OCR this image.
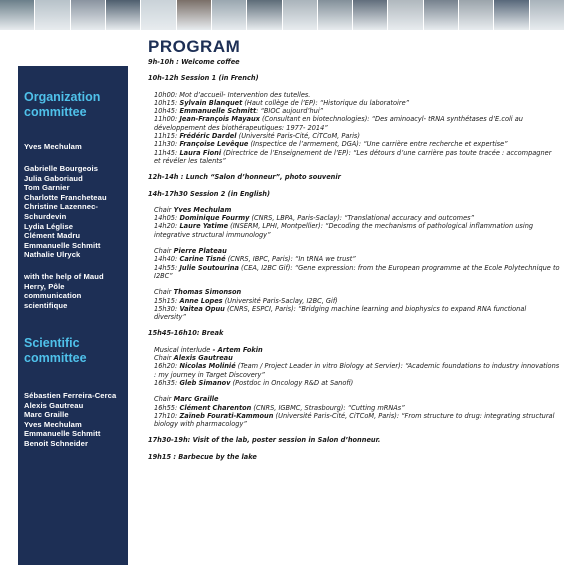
PROGRAM
Organization committee
Yves Mechulam
Gabrielle Bourgeois
Julia Gaboriaud
Tom Garnier
Charlotte Francheteau
Christine Lazennec-Schurdevin
Lydia Léglise
Clément Madru
Emmanuelle Schmitt
Nathalie Ulryck
with the help of Maud Herry, Pôle communication scientifique
Scientific committee
Sébastien Ferreira-Cerca
Alexis Gautreau
Marc Graille
Yves Mechulam
Emmanuelle Schmitt
Benoit Schneider
9h-10h : Welcome coffee
10h-12h Session 1 (in French)
10h00: Mot d’accueil- Intervention des tutelles.
10h15: Sylvain Blanquet (Haut collège de l’EP): “Historique du laboratoire”
10h45: Emmanuelle Schmitt: “BIOC aujourd’hui”
11h00: Jean-François Mayaux (Consultant en biotechnologies): “Des aminoacyl- tRNA synthétases d’E.coli au développement des biothérapeutiques: 1977- 2014”
11h15: Frédéric Dardel (Université Paris-Cité, CiTCoM, Paris)
11h30: Françoise Levêque (Inspectice de l’armement, DGA): “Une carrière entre recherche et expertise”
11h45: Laura Fioni (Directrice de l’Enseignement de l’EP): “Les détours d’une carrière pas toute tracée : accompagner et révéler les talents”
12h-14h : Lunch “Salon d’honneur”, photo souvenir
14h-17h30 Session 2 (in English)
Chair Yves Mechulam
14h05: Dominique Fourmy (CNRS, LBPA, Paris-Saclay): “Translational accuracy and outcomes”
14h20: Laure Yatime (INSERM, LPHI, Montpellier): “Decoding the mechanisms of pathological inflammation using integrative structural immunology”
Chair Pierre Plateau
14h40: Carine Tisné (CNRS, IBPC, Paris): “In tRNA we trust”
14h55: Julie Soutourina (CEA, I2BC Gif): “Gene expression: from the European programme at the Ecole Polytechnique to I2BC”
Chair Thomas Simonson
15h15: Anne Lopes (Université Paris-Saclay, I2BC, Gif)
15h30: Vaitea Opuu (CNRS, ESPCI, Paris): “Bridging machine learning and biophysics to expand RNA functional diversity”
15h45-16h10: Break
Musical interlude - Artem Fokin
Chair Alexis Gautreau
16h20: Nicolas Molinié (Team / Project Leader in vitro Biology at Servier): “Academic foundations to industry innovations : my journey in Target Discovery”
16h35: Gleb Simanov (Postdoc in Oncology R&D at Sanofi)
Chair Marc Graille
16h55: Clément Charenton (CNRS, IGBMC, Strasbourg): “Cutting mRNAs”
17h10: Zaïneb Fourati-Kammoun (Université Paris-Cité, CiTCoM, Paris): “From structure to drug: integrating structural biology with pharmacology”
17h30-19h: Visit of the lab, poster session in Salon d’honneur.
19h15 : Barbecue by the lake
